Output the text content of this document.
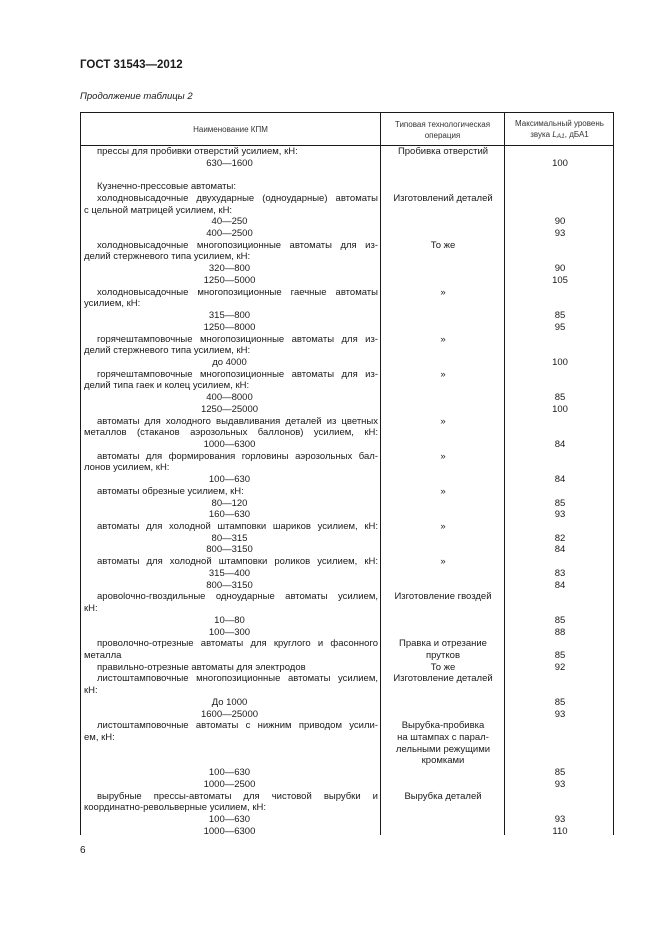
ГОСТ 31543—2012
Продолжение таблицы 2
Наименование КПМ
Типовая технологическая
операция
Максимальный уровень
звука LA1, дБА1
прессы для пробивки отверстий усилием, кН:	Пробивка отверстий
630—1600	100
Кузнечно-прессовые автоматы:
холодновысадочные двухударные (одноударные) автоматы	Изготовлений деталей
с цельной матрицей усилием, кН:
40—250	90
400—2500	93
холодновысадочные многопозиционные автоматы для из-	То же
делий стержневого типа усилием, кН:
320—800	90
1250—5000	105
холодновысадочные многопозиционные гаечные автоматы	»
усилием, кН:
315—800	85
1250—8000	95
горячештамповочные многопозиционные автоматы для из-	»
делий стержневого типа усилием, кН:
до 4000	100
горячештамповочные многопозиционные автоматы для из-	»
делий типа гаек и колец усилием, кН:
400—8000	85
1250—25000	100
автоматы для холодного выдавливания деталей из цветных	»
металлов (стаканов аэрозольных баллонов) усилием, кН:
1000—6300	84
автоматы для формирования горловины аэрозольных бал-	»
лонов усилием, кН:
100—630	84
автоматы обрезные усилием, кН:	»
80—120	85
160—630	93
автоматы для холодной штамповки шариков усилием, кН:	»
80—315	82
800—3150	84
автоматы для холодной штамповки роликов усилием, кН:	»
315—400	83
800—3150	84
аровolочно-гвоздильные одноударные автоматы усилием,	Изготовление гвоздей
кН:
10—80	85
100—300	88
проволочно-отрезные автоматы для круглого и фасонного	Правка и отрезание
металла	прутков	85
правильно-отрезные автоматы для электродов	То же	92
листоштамповочные многопозиционные автоматы усилием,	Изготовление деталей
кН:
До 1000	85
1600—25000	93
листоштамповочные автоматы с нижним приводом усили-	Вырубка-пробивка
ем, кН:	на штампах с парал-
лельными режущими
кромками
100—630	85
1000—2500	93
вырубные прессы-автоматы для чистовой вырубки и	Вырубка деталей
координатно-револьверные усилием, кН:
100—630	93
1000—6300	110
6
